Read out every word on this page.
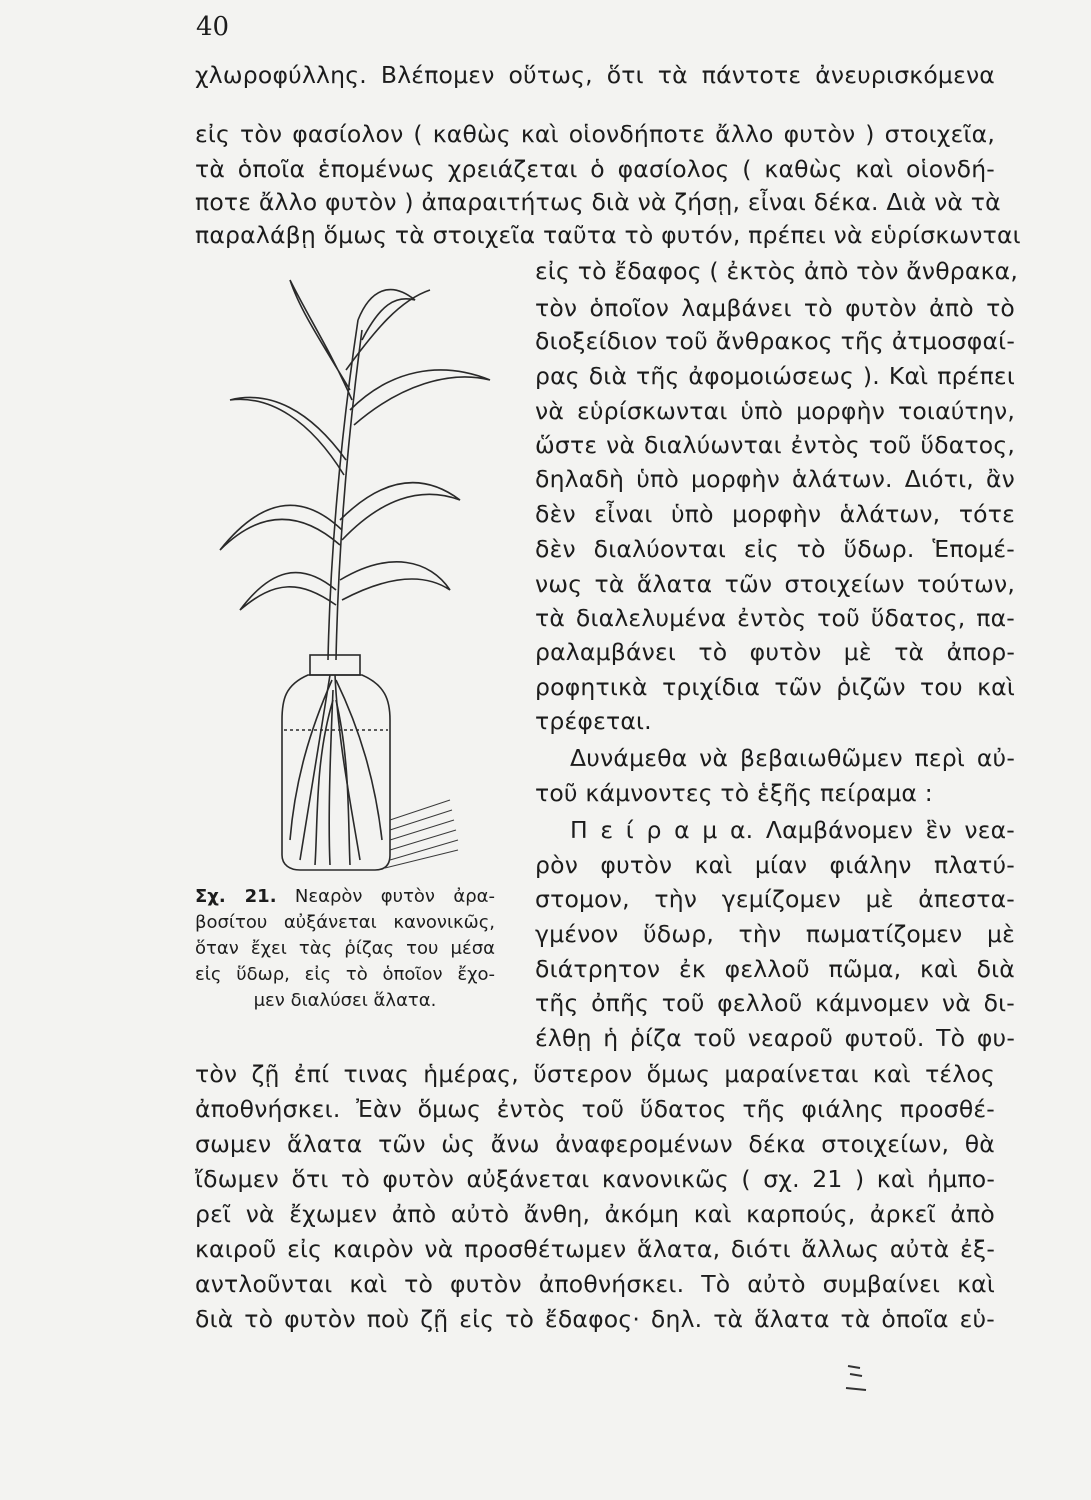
40
χλωροφύλλης. Βλέπομεν οὕτως, ὅτι τὰ πάντοτε ἀνευρισκόμενα
εἰς τὸν φασίολον ( καθὼς καὶ οἱονδήποτε ἄλλο φυτὸν ) στοιχεῖα,
τὰ ὁποῖα ἑπομένως χρειάζεται ὁ φασίολος ( καθὼς καὶ οἱονδή-
ποτε ἄλλο φυτὸν ) ἀπαραιτήτως διὰ νὰ ζήσῃ, εἶναι δέκα. Διὰ νὰ τὰ
παραλάβῃ ὅμως τὰ στοιχεῖα ταῦτα τὸ φυτόν, πρέπει νὰ εὑρίσκωνται
εἰς τὸ ἔδαφος ( ἐκτὸς ἀπὸ τὸν ἄνθρακα,
τὸν ὁποῖον λαμβάνει τὸ φυτὸν ἀπὸ τὸ
διοξείδιον τοῦ ἄνθρακος τῆς ἀτμοσφαί-
ρας διὰ τῆς ἀφομοιώσεως ). Καὶ πρέπει
νὰ εὑρίσκωνται ὑπὸ μορφὴν τοιαύτην,
ὥστε νὰ διαλύωνται ἐντὸς τοῦ ὕδατος,
δηλαδὴ ὑπὸ μορφὴν ἁλάτων. Διότι, ἂν
δὲν εἶναι ὑπὸ μορφὴν ἁλάτων, τότε
δὲν διαλύονται εἰς τὸ ὕδωρ. Ἑπομέ-
νως τὰ ἅλατα τῶν στοιχείων τούτων,
τὰ διαλελυμένα ἐντὸς τοῦ ὕδατος, πα-
ραλαμβάνει τὸ φυτὸν μὲ τὰ ἀπορ-
ροφητικὰ τριχίδια τῶν ῥιζῶν του καὶ
τρέφεται.
Δυνάμεθα νὰ βεβαιωθῶμεν περὶ αὐ-
τοῦ κάμνοντες τὸ ἑξῆς πείραμα :
Π ε ί ρ α μ α. Λαμβάνομεν ἓν νεα-
ρὸν φυτὸν καὶ μίαν φιάλην πλατύ-
στομον, τὴν γεμίζομεν μὲ ἀπεστα-
γμένον ὕδωρ, τὴν πωματίζομεν μὲ
διάτρητον ἐκ φελλοῦ πῶμα, καὶ διὰ
τῆς ὀπῆς τοῦ φελλοῦ κάμνομεν νὰ δι-
έλθῃ ἡ ῥίζα τοῦ νεαροῦ φυτοῦ. Τὸ φυ-
Σχ. 21. Νεαρὸν φυτὸν ἀρα-
βοσίτου αὐξάνεται κανονικῶς,
ὅταν ἔχει τὰς ῥίζας του μέσα
εἰς ὕδωρ, εἰς τὸ ὁποῖον ἔχο-
μεν διαλύσει ἅλατα.
τὸν ζῇ ἐπί τινας ἡμέρας, ὕστερον ὅμως μαραίνεται καὶ τέλος
ἀποθνήσκει. Ἐὰν ὅμως ἐντὸς τοῦ ὕδατος τῆς φιάλης προσθέ-
σωμεν ἅλατα τῶν ὡς ἄνω ἀναφερομένων δέκα στοιχείων, θὰ
ἴδωμεν ὅτι τὸ φυτὸν αὐξάνεται κανονικῶς ( σχ. 21 ) καὶ ἠμπο-
ρεῖ νὰ ἔχωμεν ἀπὸ αὐτὸ ἄνθη, ἀκόμη καὶ καρπούς, ἀρκεῖ ἀπὸ
καιροῦ εἰς καιρὸν νὰ προσθέτωμεν ἅλατα, διότι ἄλλως αὐτὰ ἐξ-
αντλοῦνται καὶ τὸ φυτὸν ἀποθνήσκει. Τὸ αὐτὸ συμβαίνει καὶ
διὰ τὸ φυτὸν ποὺ ζῇ εἰς τὸ ἔδαφος· δηλ. τὰ ἅλατα τὰ ὁποῖα εὑ-
